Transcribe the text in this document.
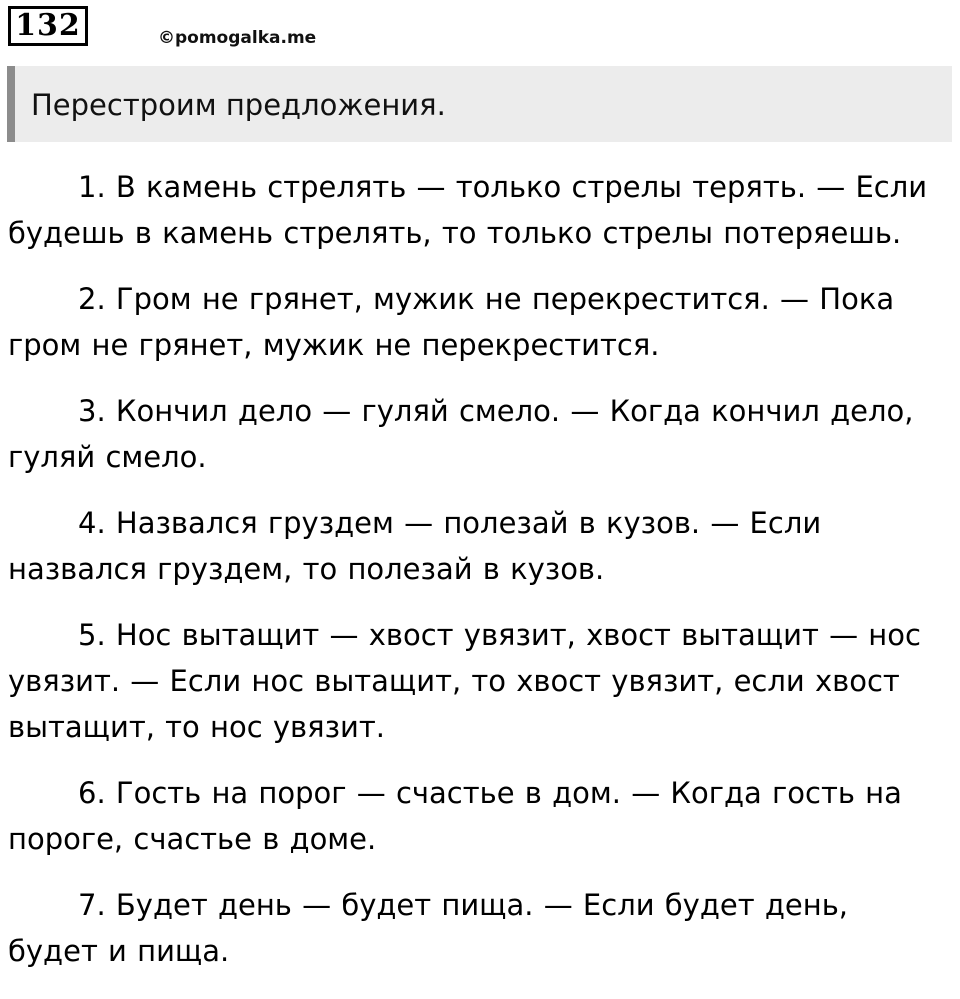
132	©pomogalka.me
Перестроим предложения.

1. В камень стрелять — только стрелы терять. — Если будешь в камень стрелять, то только стрелы потеряешь.

2. Гром не грянет, мужик не перекрестится. — Пока гром не грянет, мужик не перекрестится.

3. Кончил дело — гуляй смело. — Когда кончил дело, гуляй смело.

4. Назвался груздем — полезай в кузов. — Если назвался груздем, то полезай в кузов.

5. Нос вытащит — хвост увязит, хвост вытащит — нос увязит. — Если нос вытащит, то хвост увязит, если хвост вытащит, то нос увязит.

6. Гость на порог — счастье в дом. — Когда гость на пороге, счастье в доме.

7. Будет день — будет пища. — Если будет день, будет и пища.
